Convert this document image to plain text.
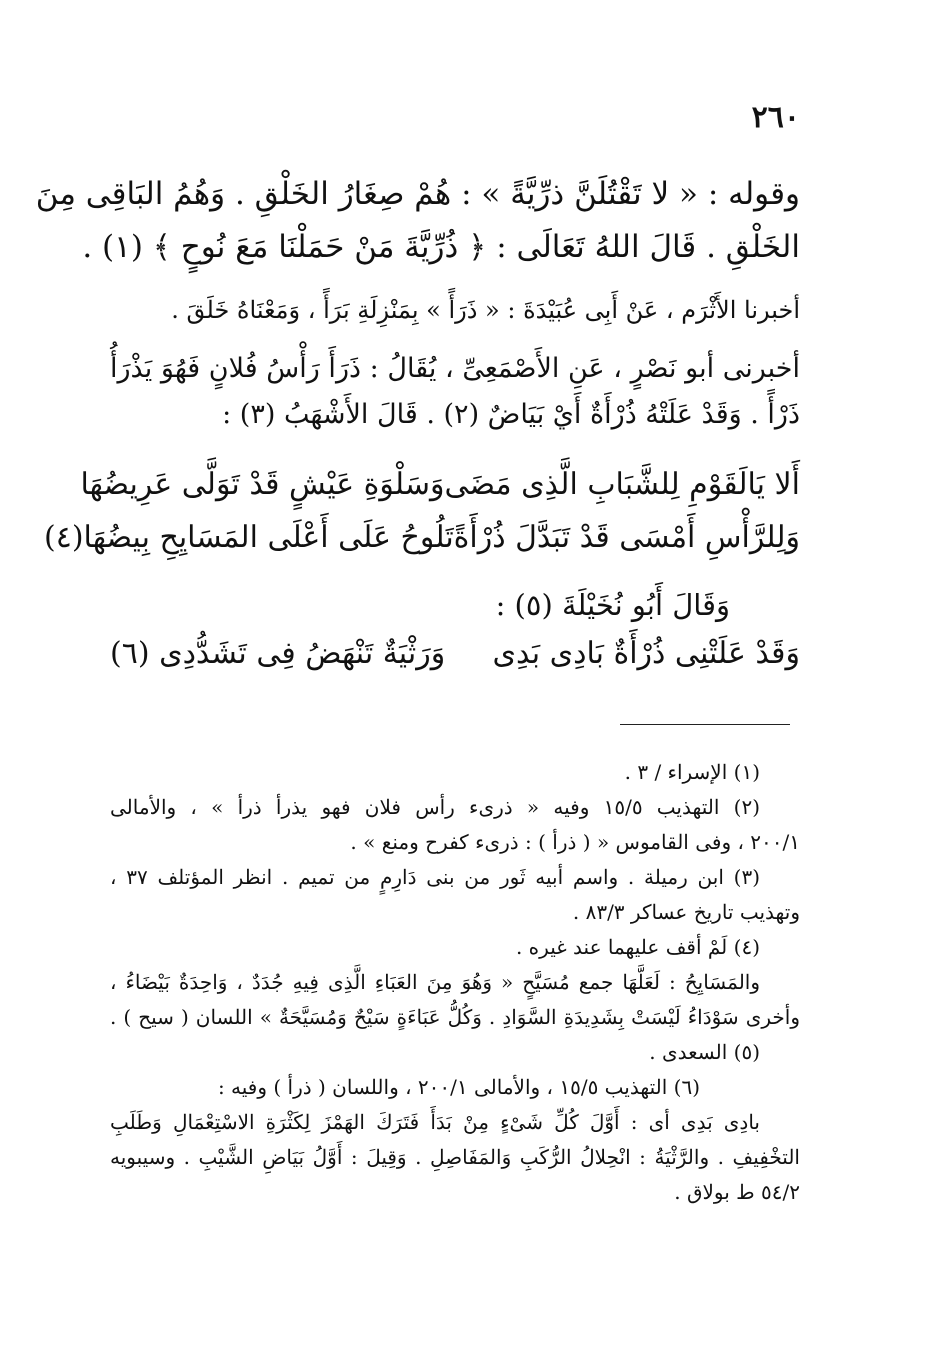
٢٦٠
وقوله : « لا تَقْتُلَنَّ ذرِّيَّةً » : هُمْ صِغَارُ الخَلْقِ . وَهُمُ البَاقِى مِنَ
الخَلْقِ . قَالَ اللهُ تَعَالَى : ﴿ ذُرِّيَّةَ مَنْ حَمَلْنَا مَعَ نُوحٍ ﴾ (١) .
أخبرنا الأَثْرَم ، عَنْ أَبِى عُبَيْدَةَ : « ذَرَأً » بِمَنْزِلَةِ بَرَأً ، وَمَعْنَاهُ خَلَقَ .
أخبرنى أبو نَصْرٍ ، عَنِ الأَصْمَعِىِّ ، يُقَالُ : ذَرَأَ رَأْسُ فُلانٍ فَهُوَ يَذْرَأُ
ذَرْأً . وَقَدْ عَلَتْهُ ذُرْأَةٌ أَيْ بَيَاضٌ (٢) . قَالَ الأَشْهَبُ (٣) :
أَلا يَالَقَوْمِ لِلشَّبَابِ الَّذِى مَضَى
وَسَلْوَةِ عَيْشٍ قَدْ تَوَلَّى عَرِيضُهَا
وَلِلرَّأْسِ أَمْسَى قَدْ تَبَدَّلَ ذُرْأَةً
تَلُوحُ عَلَى أَعْلَى المَسَايِحِ بِيضُهَا(٤)
وَقَالَ أَبُو نُخَيْلَةَ (٥) :
وَقَدْ عَلَتْنِى ذُرْأَةٌ بَادِى بَدِى
وَرَثْيَةٌ تَنْهَضُ فِى تَشَدُّدِى (٦)
(١) الإسراء / ٣ .
(٢) التهذيب ١٥/٥ وفيه « ذرىء رأس فلان فهو يذرأ ذرأ » ، والأمالى
٢٠٠/١ ، وفى القاموس « ( ذرأ ) : ذرىء كفرح ومنع » .
(٣) ابن رميلة . واسم أبيه ثَور من بنى دَارِمٍ من تميم . انظر المؤتلف ٣٧ ،
وتهذيب تاريخ عساكر ٨٣/٣ .
(٤) لَمْ أقف عليهما عند غيره .
والمَسَايِحُ : لَعَلَّهَا جمع مُسَيَّحٍ « وَهُوَ مِنَ العَبَاءِ الَّذِى فِيهِ جُدَدٌ ، وَاحِدَةٌ بَيْضَاءُ ،
وأخرى سَوْدَاءُ لَيْسَتْ بِشَدِيدَةِ السَّوَادِ . وَكُلُّ عَبَاءَةٍ سَيْحٌ وَمُسَيَّحَةٌ » اللسان ( سيح ) .
(٥) السعدى .
(٦) التهذيب ١٥/٥ ، والأمالى ٢٠٠/١ ، واللسان ( ذرأ ) وفيه :
بادِى بَدِى أى : أَوَّلَ كُلِّ شَىْءٍ مِنْ بَدَأَ فَتَرَكَ الهَمْزَ لِكَثْرَةِ الاسْتِعْمَالِ وَطَلَبِ
التخْفِيفِ . والرَّثْيَةُ : انْحِلالُ الرُّكَبِ وَالمَفَاصِلِ . وَقِيلَ : أَوَّلُ بَيَاضِ الشَّيْبِ . وسيبويه
٥٤/٢ ط بولاق .
